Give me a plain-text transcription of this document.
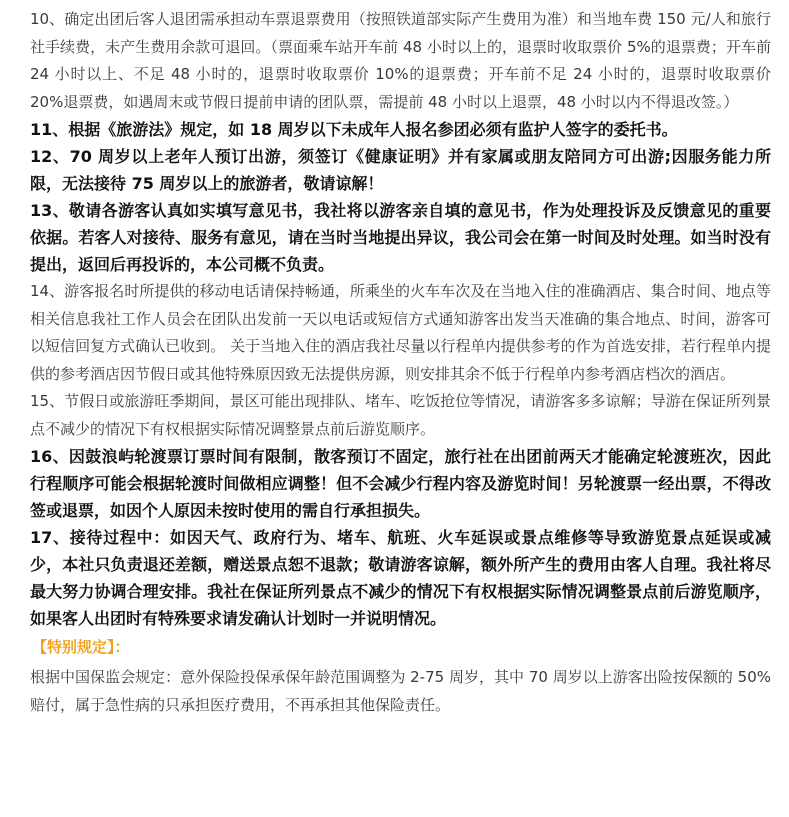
10、确定出团后客人退团需承担动车票退票费用（按照铁道部实际产生费用为准）和当地车费 150 元/人和旅行社手续费，未产生费用余款可退回。（票面乘车站开车前 48 小时以上的，退票时收取票价 5%的退票费；开车前 24 小时以上、不足 48 小时的，退票时收取票价 10%的退票费；开车前不足 24 小时的，退票时收取票价 20%退票费，如遇周末或节假日提前申请的团队票，需提前 48 小时以上退票，48 小时以内不得退改签。）

11、根据《旅游法》规定，如 18 周岁以下未成年人报名参团必须有监护人签字的委托书。

12、70 周岁以上老年人预订出游，须签订《健康证明》并有家属或朋友陪同方可出游;因服务能力所限，无法接待 75 周岁以上的旅游者，敬请谅解！

13、敬请各游客认真如实填写意见书，我社将以游客亲自填的意见书，作为处理投诉及反馈意见的重要依据。若客人对接待、服务有意见，请在当时当地提出异议，我公司会在第一时间及时处理。如当时没有提出，返回后再投诉的，本公司概不负责。

14、游客报名时所提供的移动电话请保持畅通，所乘坐的火车车次及在当地入住的准确酒店、集合时间、地点等相关信息我社工作人员会在团队出发前一天以电话或短信方式通知游客出发当天准确的集合地点、时间，游客可以短信回复方式确认已收到。 关于当地入住的酒店我社尽量以行程单内提供参考的作为首选安排，若行程单内提供的参考酒店因节假日或其他特殊原因致无法提供房源，则安排其余不低于行程单内参考酒店档次的酒店。

15、节假日或旅游旺季期间，景区可能出现排队、堵车、吃饭抢位等情况，请游客多多谅解；导游在保证所列景点不减少的情况下有权根据实际情况调整景点前后游览顺序。

16、因鼓浪屿轮渡票订票时间有限制，散客预订不固定，旅行社在出团前两天才能确定轮渡班次，因此行程顺序可能会根据轮渡时间做相应调整！但不会减少行程内容及游览时间！另轮渡票一经出票，不得改签或退票，如因个人原因未按时使用的需自行承担损失。

17、接待过程中：如因天气、政府行为、堵车、航班、火车延误或景点维修等导致游览景点延误或减少，本社只负责退还差额，赠送景点恕不退款；敬请游客谅解，额外所产生的费用由客人自理。我社将尽最大努力协调合理安排。我社在保证所列景点不减少的情况下有权根据实际情况调整景点前后游览顺序，如果客人出团时有特殊要求请发确认计划时一并说明情况。

【特别规定】：

根据中国保监会规定：意外保险投保承保年龄范围调整为 2-75 周岁，其中 70 周岁以上游客出险按保额的 50%赔付，属于急性病的只承担医疗费用，不再承担其他保险责任。
